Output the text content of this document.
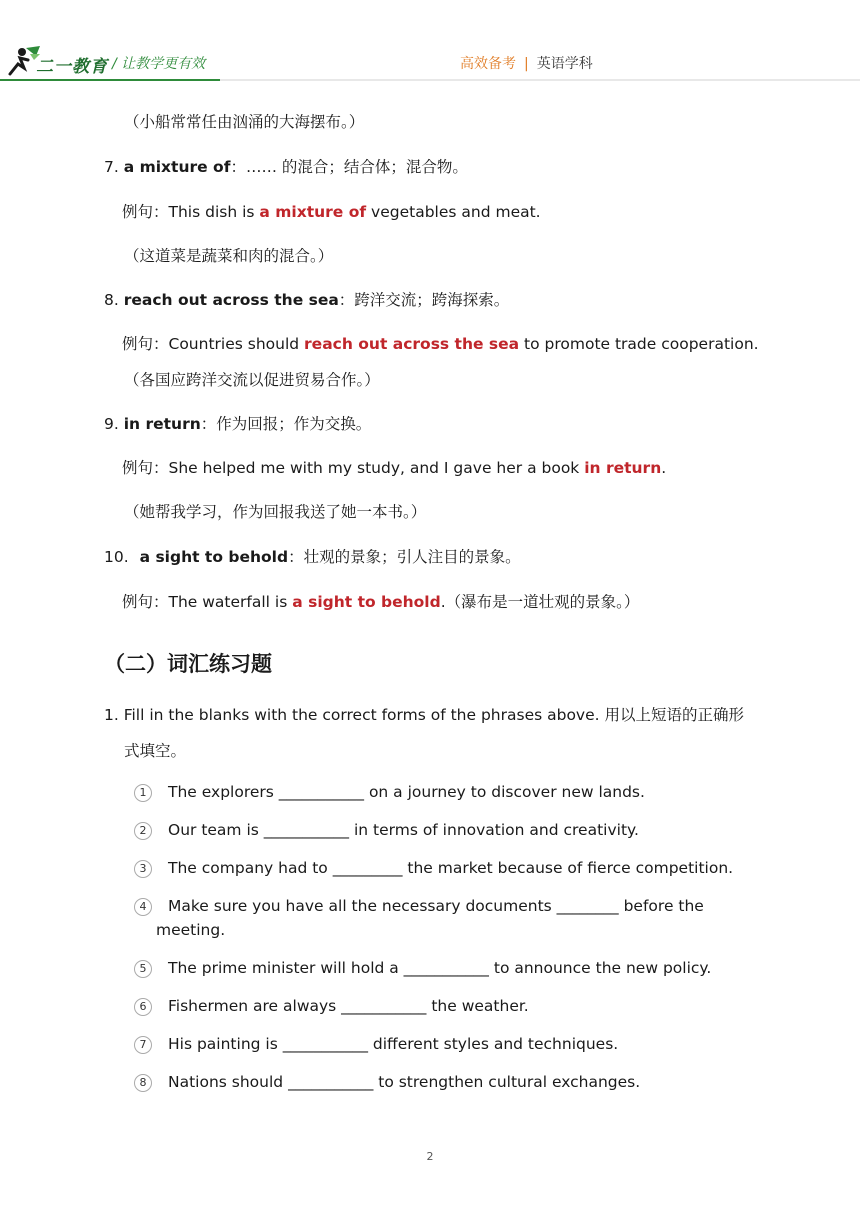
二一教育 / 让教学更有效	高效备考 | 英语学科
（小船常常任由汹涌的大海摆布。）
7. a mixture of：…… 的混合；结合体；混合物。
例句：This dish is a mixture of vegetables and meat.
（这道菜是蔬菜和肉的混合。）
8. reach out across the sea：跨洋交流；跨海探索。
例句：Countries should reach out across the sea to promote trade cooperation.
（各国应跨洋交流以促进贸易合作。）
9. in return：作为回报；作为交换。
例句：She helped me with my study, and I gave her a book in return.
（她帮我学习，作为回报我送了她一本书。）
10. a sight to behold：壮观的景象；引人注目的景象。
例句：The waterfall is a sight to behold.（瀑布是一道壮观的景象。）
（二）词汇练习题
1. Fill in the blanks with the correct forms of the phrases above. 用以上短语的正确形
式填空。
1 The explorers ___________ on a journey to discover new lands.
2 Our team is ___________ in terms of innovation and creativity.
3 The company had to _________ the market because of fierce competition.
4 Make sure you have all the necessary documents ________ before the
meeting.
5 The prime minister will hold a ___________ to announce the new policy.
6 Fishermen are always ___________ the weather.
7 His painting is ___________ different styles and techniques.
8 Nations should ___________ to strengthen cultural exchanges.
2
